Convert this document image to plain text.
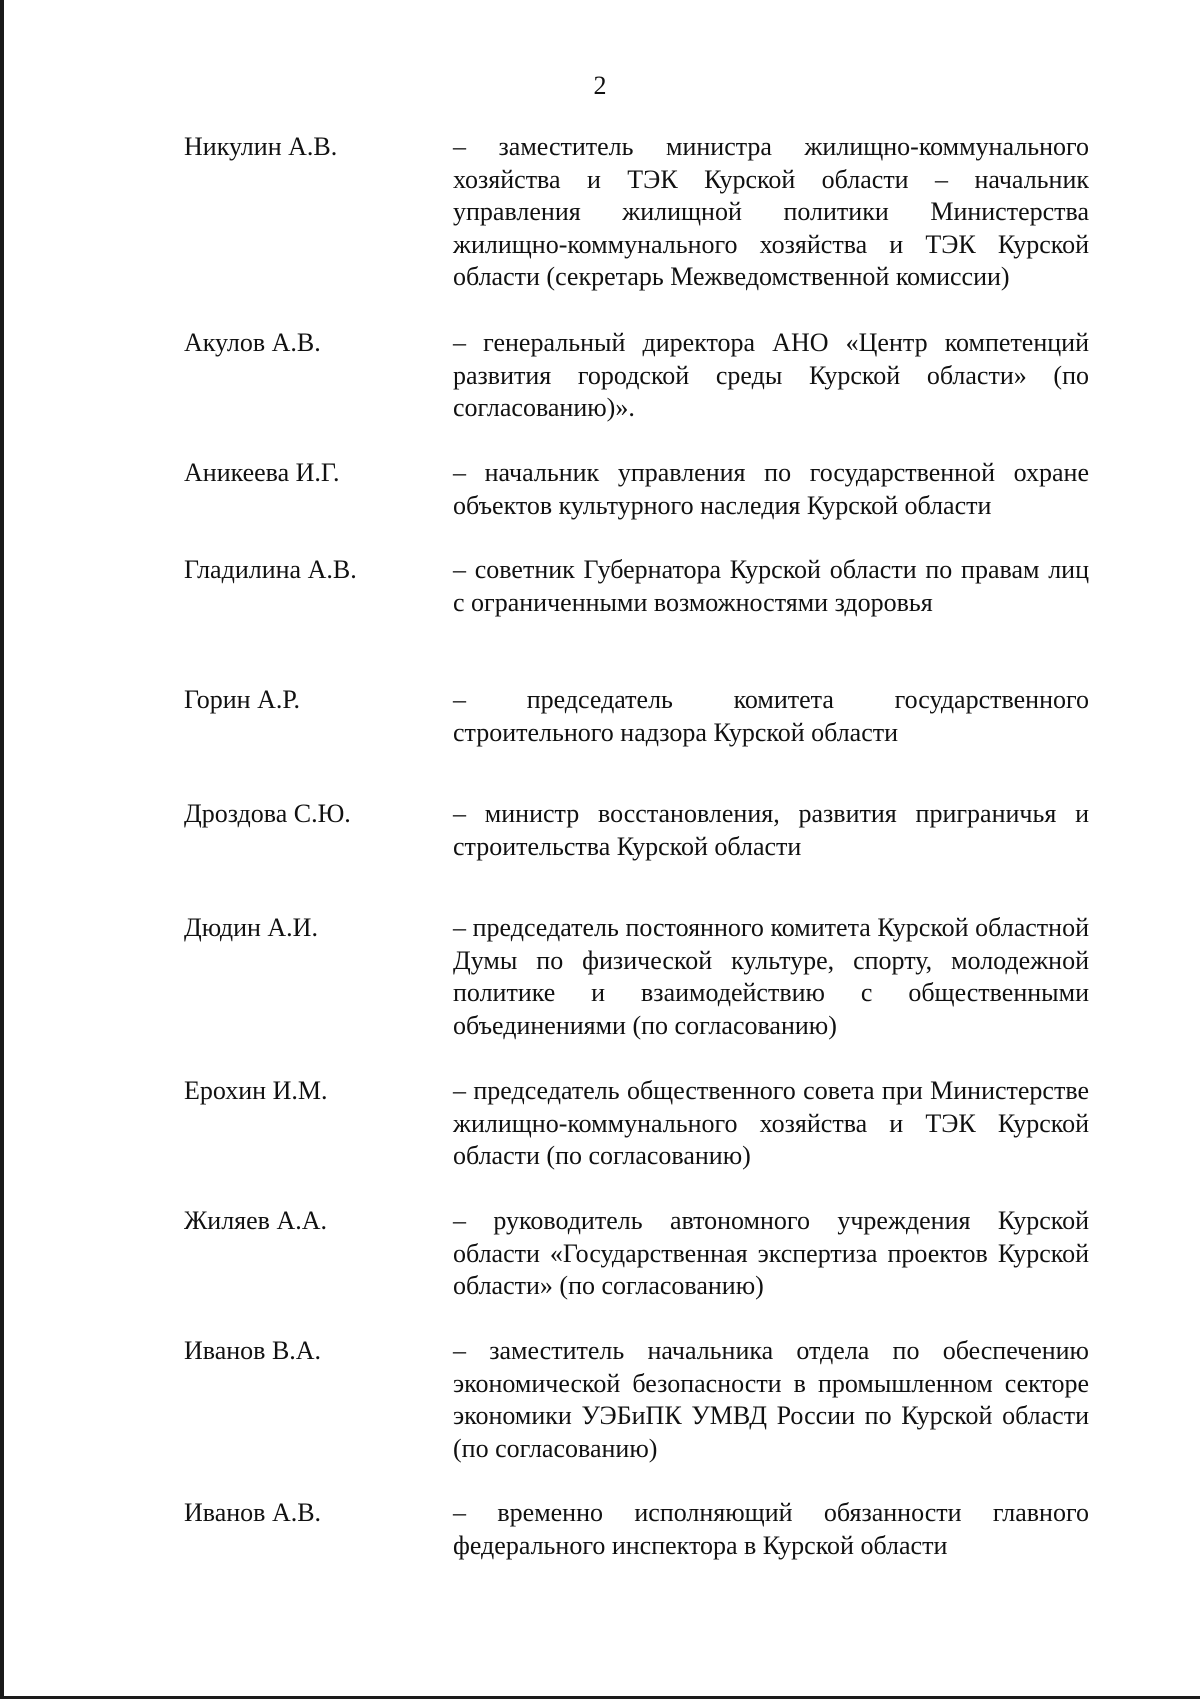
2
Никулин А.В.	– заместитель министра жилищно-коммунального хозяйства и ТЭК Курской области – начальник управления жилищной политики Министерства жилищно-коммунального хозяйства и ТЭК Курской области (секретарь Межведомственной комиссии)
Акулов А.В.	– генеральный директора АНО «Центр компетенций развития городской среды Курской области» (по согласованию)».
Аникеева И.Г.	– начальник управления по государственной охране объектов культурного наследия Курской области
Гладилина А.В.	– советник Губернатора Курской области по правам лиц с ограниченными возможностями здоровья
Горин А.Р.	– председатель комитета государственного строительного надзора Курской области
Дроздова С.Ю.	– министр восстановления, развития приграничья и строительства Курской области
Дюдин А.И.	– председатель постоянного комитета Курской областной Думы по физической культуре, спорту, молодежной политике и взаимодействию с общественными объединениями (по согласованию)
Ерохин И.М.	– председатель общественного совета при Министерстве жилищно-коммунального хозяйства и ТЭК Курской области (по согласованию)
Жиляев А.А.	– руководитель автономного учреждения Курской области «Государственная экспертиза проектов Курской области» (по согласованию)
Иванов В.А.	– заместитель начальника отдела по обеспечению экономической безопасности в промышленном секторе экономики УЭБиПК УМВД России по Курской области (по согласованию)
Иванов А.В.	– временно исполняющий обязанности главного федерального инспектора в Курской области
